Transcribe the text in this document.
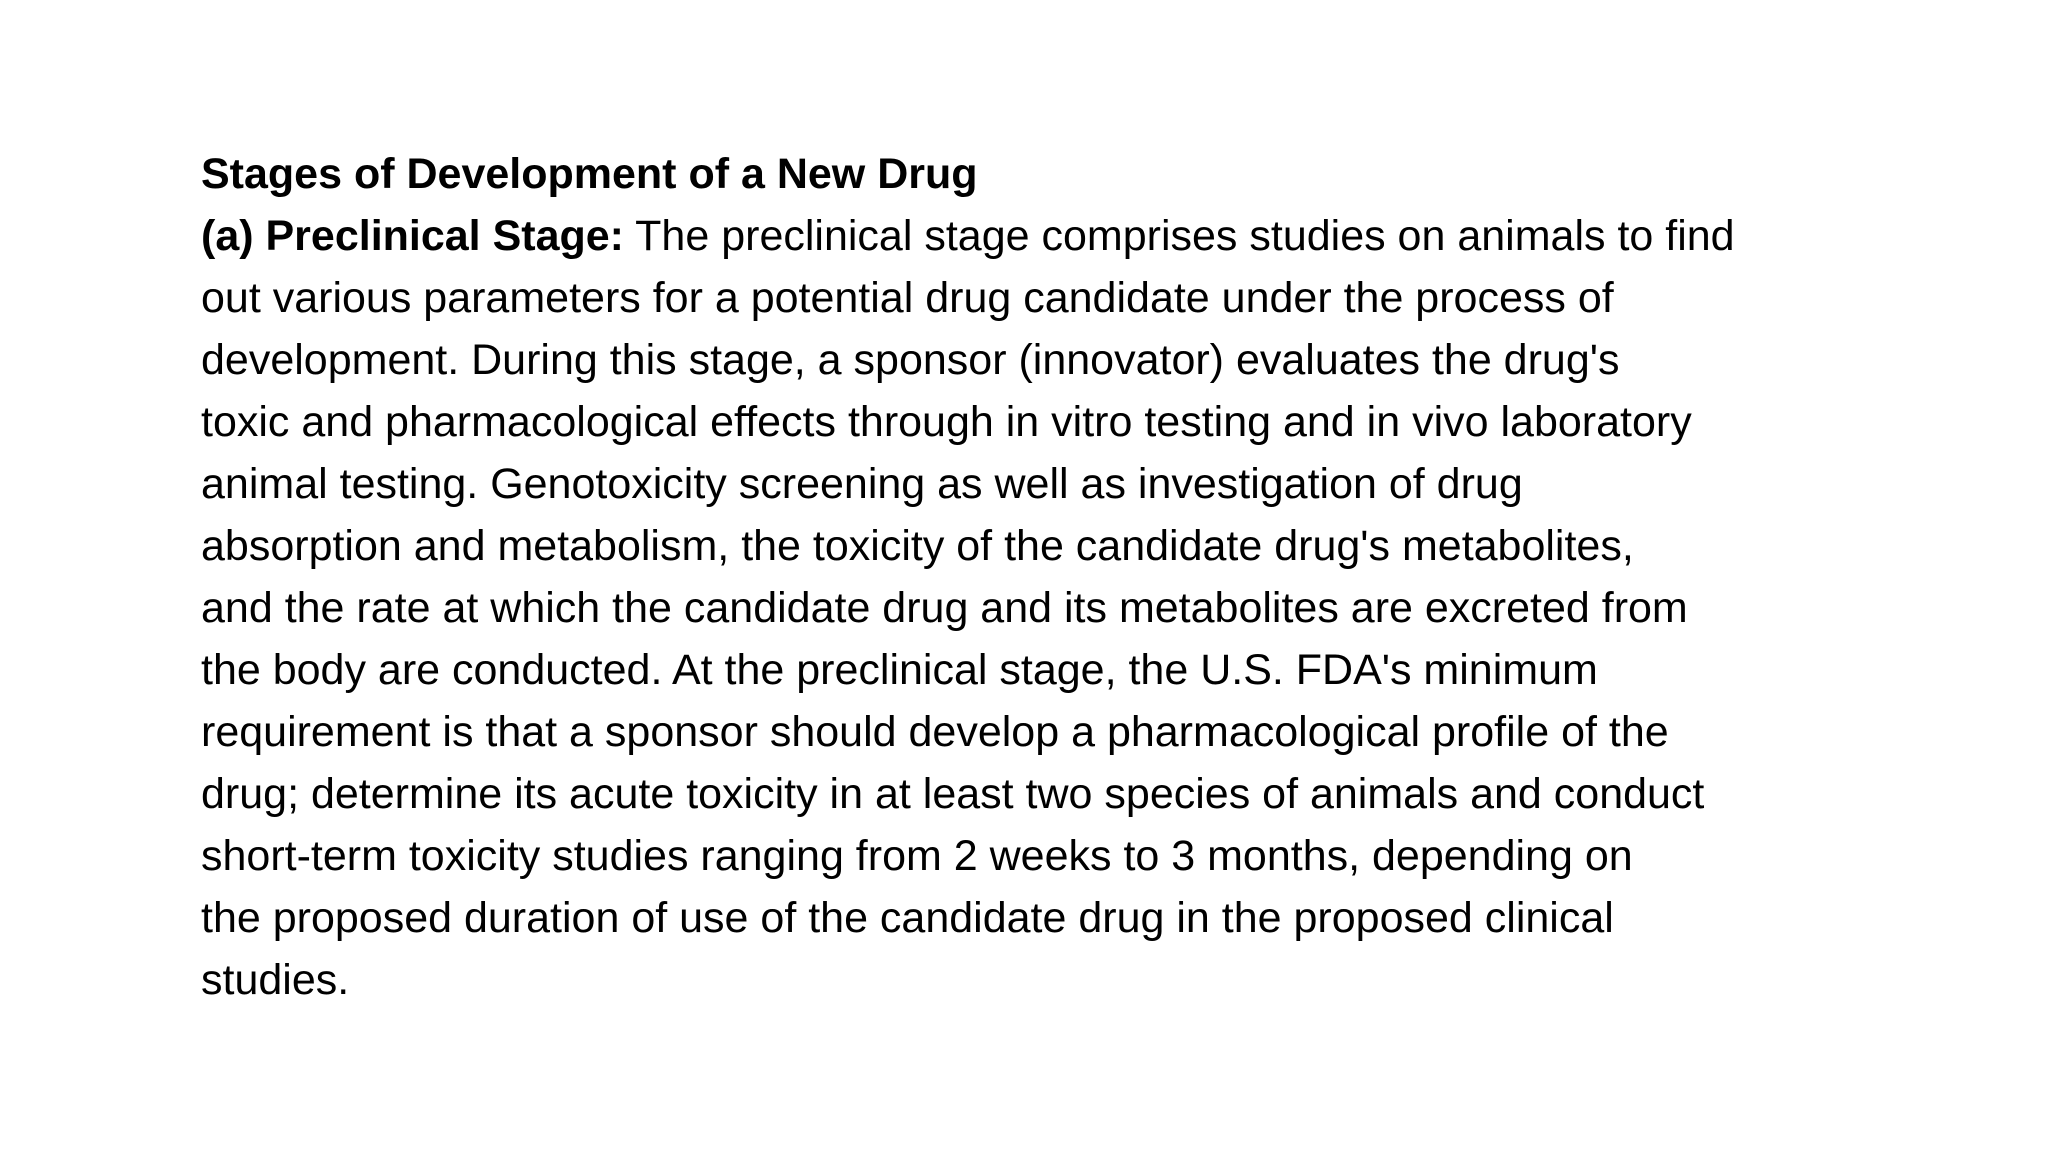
Stages of Development of a New Drug
(a) Preclinical Stage: The preclinical stage comprises studies on animals to find
out various parameters for a potential drug candidate under the process of
development. During this stage, a sponsor (innovator) evaluates the drug's
toxic and pharmacological effects through in vitro testing and in vivo laboratory
animal testing. Genotoxicity screening as well as investigation of drug
absorption and metabolism, the toxicity of the candidate drug's metabolites,
and the rate at which the candidate drug and its metabolites are excreted from
the body are conducted. At the preclinical stage, the U.S. FDA's minimum
requirement is that a sponsor should develop a pharmacological profile of the
drug; determine its acute toxicity in at least two species of animals and conduct
short-term toxicity studies ranging from 2 weeks to 3 months, depending on
the proposed duration of use of the candidate drug in the proposed clinical
studies.
